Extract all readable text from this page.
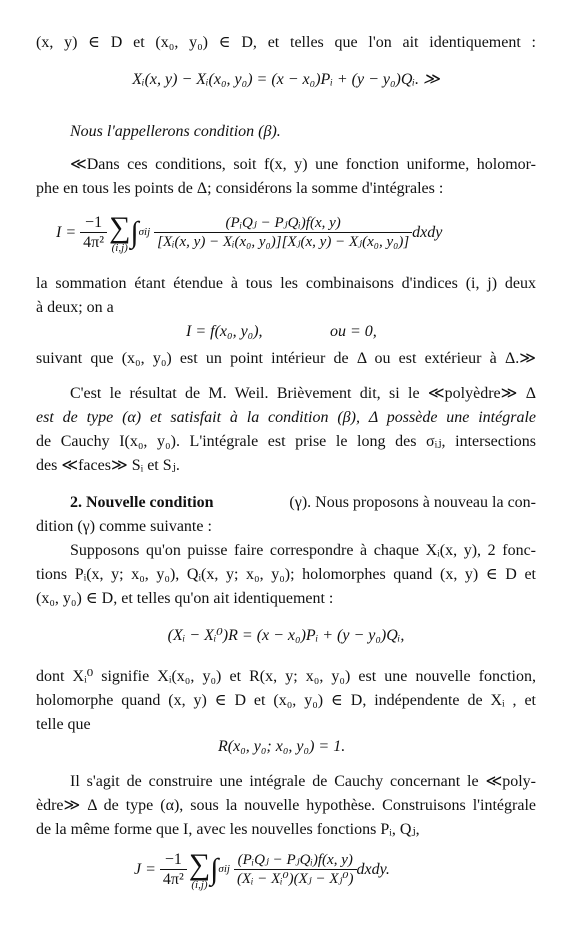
(x, y) ∈ D et (x₀, y₀) ∈ D, et telles que l'on ait identiquement :
Xᵢ(x, y) − Xᵢ(x₀, y₀) = (x − x₀)Pᵢ + (y − y₀)Qᵢ. ≫
Nous l'appellerons condition (β).
≪Dans ces conditions, soit f(x, y) une fonction uniforme, holomor-
phe en tous les points de Δ; considérons la somme d'intégrales :
$I = \frac{-1}{\text{4π²}}$ ∑
(i,j) ∫ σij $\frac{\text{(PᵢQⱼ − PⱼQᵢ)f(x, y)}}{\text{[Xᵢ(x, y) − Xᵢ(x₀, y₀)][Xⱼ(x, y) − Xⱼ(x₀, y₀)]}}$ dxdy
la sommation étant étendue à tous les combinaisons d'indices (i, j) deux
à deux; on a
I = f(x₀, y₀),	ou = 0,
suivant que (x₀, y₀) est un point intérieur de Δ ou est extérieur à Δ.≫
C'est le résultat de M. Weil. Brièvement dit, si le ≪polyèdre≫ Δ
est de type (α) et satisfait à la condition (β), Δ possède une intégrale
de Cauchy I(x₀, y₀). L'intégrale est prise le long des σᵢⱼ, intersections
des ≪faces≫ Sᵢ et Sⱼ.
2. Nouvelle condition	(γ). Nous proposons à nouveau la con-
dition (γ) comme suivante :
Supposons qu'on puisse faire correspondre à chaque Xᵢ(x, y), 2 fonc-
tions Pᵢ(x, y; x₀, y₀), Qᵢ(x, y; x₀, y₀); holomorphes quand (x, y) ∈ D et
(x₀, y₀) ∈ D, et telles qu'on ait identiquement :
(Xᵢ − Xᵢ⁰)R = (x − x₀)Pᵢ + (y − y₀)Qᵢ,
dont Xᵢ⁰ signifie Xᵢ(x₀, y₀) et R(x, y; x₀, y₀) est une nouvelle fonction,
holomorphe quand (x, y) ∈ D et (x₀, y₀) ∈ D, indépendente de Xᵢ , et
telle que
R(x₀, y₀; x₀, y₀) = 1.
Il s'agit de construire une intégrale de Cauchy concernant le ≪poly-
èdre≫ Δ de type (α), sous la nouvelle hypothèse. Construisons l'intégrale
de la même forme que I, avec les nouvelles fonctions Pᵢ, Qⱼ,
$J = \frac{-1}{\text{4π²}}$ ∑
(i,j) ∫ σij $\frac{\text{(PᵢQⱼ − PⱼQᵢ)f(x, y)}}{\text{(Xᵢ − Xᵢ⁰)(Xⱼ − Xⱼ⁰)}}$ dxdy.
